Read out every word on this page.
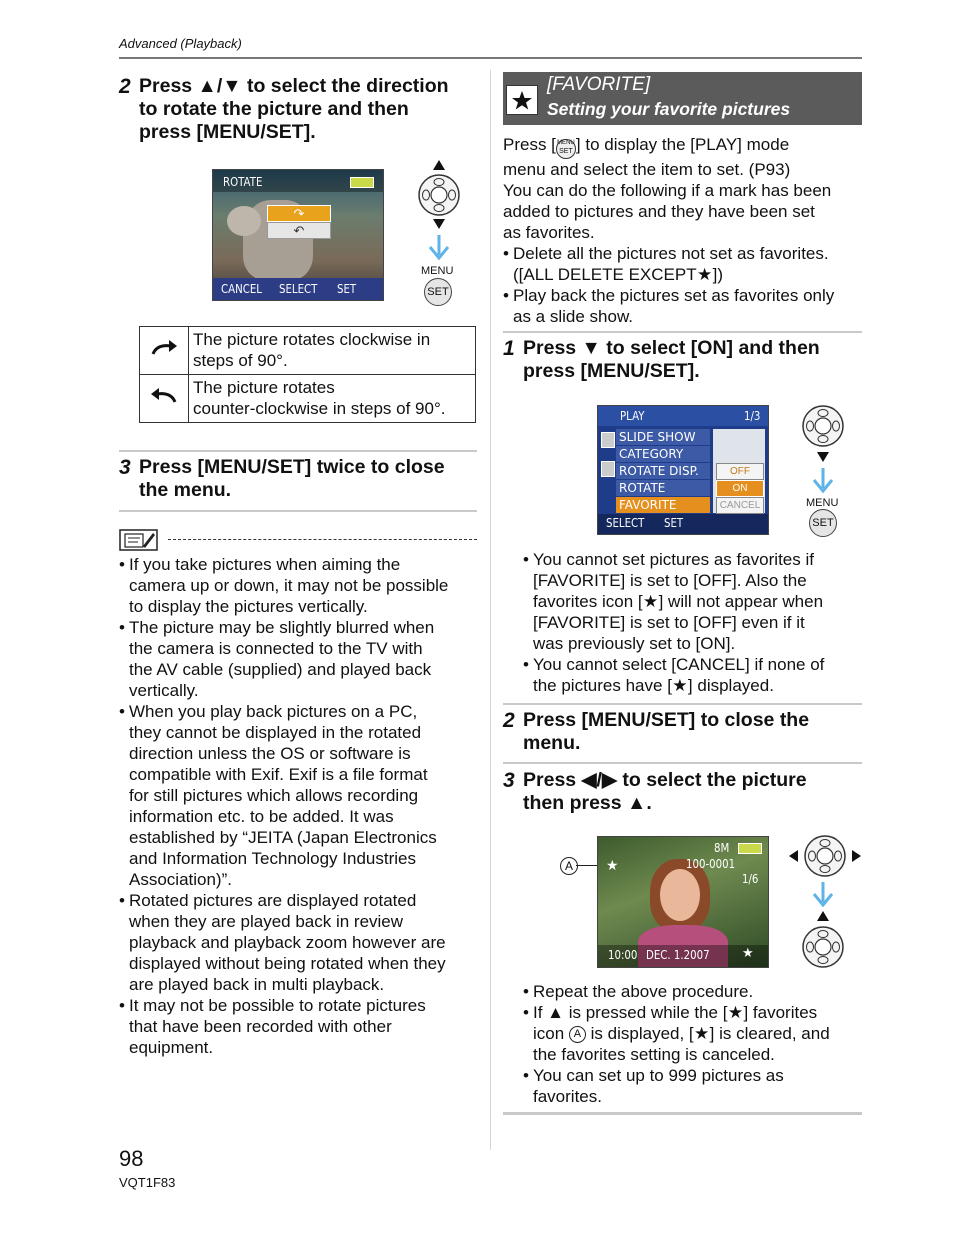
Advanced (Playback)
2 Press ▲/▼ to select the direction
to rotate the picture and then
press [MENU/SET].
ROTATE
↷
↶
CANCEL SELECT SET
MENU
SET

The picture rotates clockwise in
steps of 90°.

The picture rotates
counter-clockwise in steps of 90°.
3 Press [MENU/SET] twice to close
the menu.
• If you take pictures when aiming the
camera up or down, it may not be possible
to display the pictures vertically.
• The picture may be slightly blurred when
the camera is connected to the TV with
the AV cable (supplied) and played back
vertically.
• When you play back pictures on a PC,
they cannot be displayed in the rotated
direction unless the OS or software is
compatible with Exif. Exif is a file format
for still pictures which allows recording
information etc. to be added. It was
established by “JEITA (Japan Electronics
and Information Technology Industries
Association)”.
• Rotated pictures are displayed rotated
when they are played back in review
playback and playback zoom however are
displayed without being rotated when they
are played back in multi playback.
• It may not be possible to rotate pictures
that have been recorded with other
equipment.
[FAVORITE]
Setting your favorite pictures
Press [ MENU
SET ] to display the [PLAY] mode
menu and select the item to set. (P93)
You can do the following if a mark has been
added to pictures and they have been set
as favorites.
• Delete all the pictures not set as favorites.
([ALL DELETE EXCEPT★])
• Play back the pictures set as favorites only
as a slide show.
1 Press ▼ to select [ON] and then
press [MENU/SET].
PLAY	1/3
SLIDE SHOW
CATEGORY
ROTATE DISP.
ROTATE
FAVORITE
OFF
ON
CANCEL
SELECT SET
MENU
SET
• You cannot set pictures as favorites if
[FAVORITE] is set to [OFF]. Also the
favorites icon [★] will not appear when
[FAVORITE] is set to [OFF] even if it
was previously set to [ON].
• You cannot select [CANCEL] if none of
the pictures have [★] displayed.
2 Press [MENU/SET] to close the
menu.
3 Press ◀/▶ to select the picture
then press ▲.
A	★
8M
100-0001
1/6
10:00 DEC. 1.2007 ★
• Repeat the above procedure.
• If ▲ is pressed while the [★] favorites
icon A is displayed, [★] is cleared, and
the favorites setting is canceled.
• You can set up to 999 pictures as
favorites.
98
VQT1F83
